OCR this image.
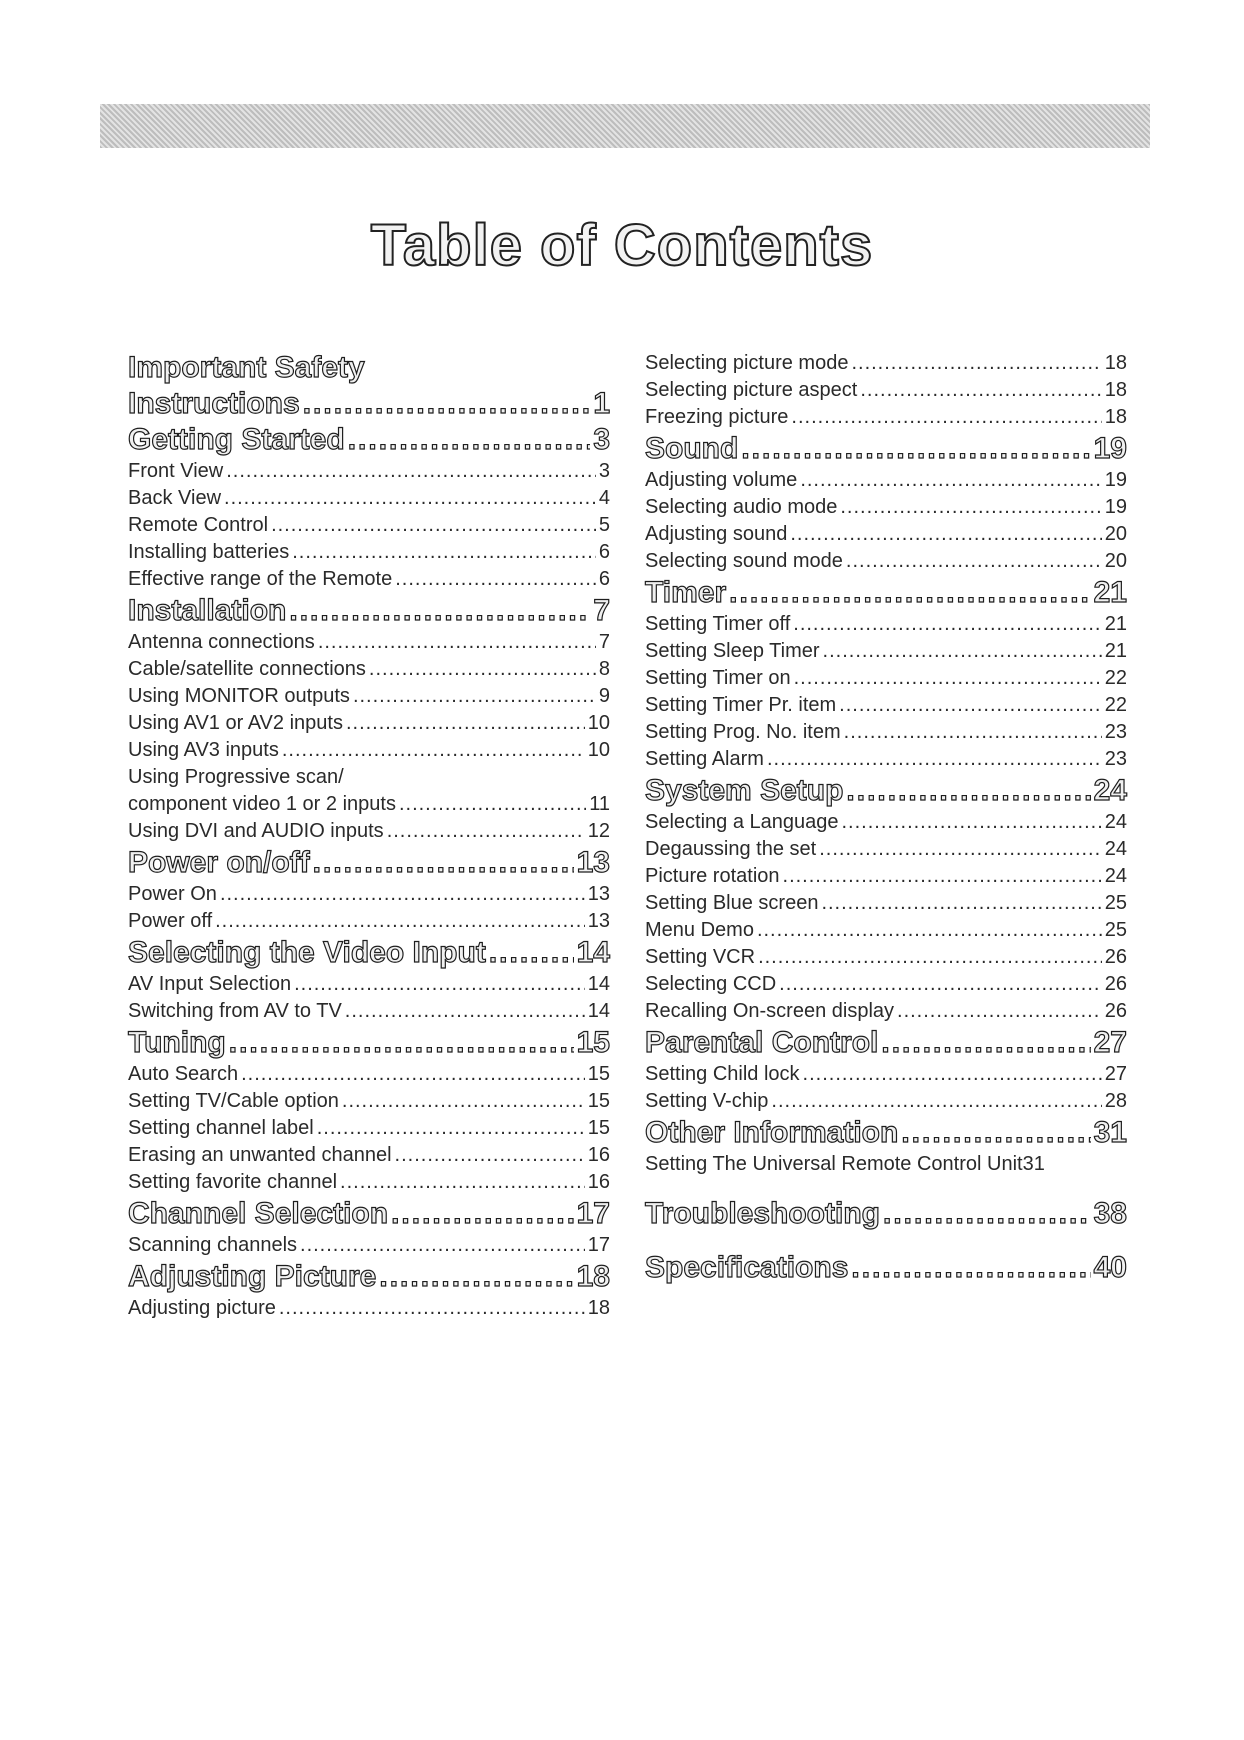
Table of Contents
Important Safety
Instructions .....	1
Getting Started .....	3
Front View .....	3
Back View .....	4
Remote Control .....	5
Installing batteries .....	6
Effective range of the Remote .....	6
Installation .....	7
Antenna connections .....	7
Cable/satellite connections .....	8
Using MONITOR outputs .....	9
Using AV1 or AV2 inputs .....	10
Using AV3 inputs .....	10
Using Progressive scan/
component video 1 or 2 inputs .....	11
Using DVI and AUDIO inputs .....	12
Power on/off .....	13
Power On .....	13
Power off .....	13
Selecting the Video Input .....	14
AV Input Selection .....	14
Switching from AV to TV .....	14
Tuning .....	15
Auto Search .....	15
Setting TV/Cable option .....	15
Setting channel label .....	15
Erasing an unwanted channel .....	16
Setting favorite channel .....	16
Channel Selection .....	17
Scanning channels .....	17
Adjusting Picture .....	18
Adjusting picture .....	18
Selecting picture mode .....	18
Selecting picture aspect .....	18
Freezing picture .....	18
Sound .....	19
Adjusting volume .....	19
Selecting audio mode .....	19
Adjusting sound .....	20
Selecting sound mode .....	20
Timer .....	21
Setting Timer off .....	21
Setting Sleep Timer .....	21
Setting Timer on .....	22
Setting Timer Pr. item .....	22
Setting Prog. No. item .....	23
Setting Alarm .....	23
System Setup .....	24
Selecting a Language .....	24
Degaussing the set .....	24
Picture rotation .....	24
Setting Blue screen .....	25
Menu Demo .....	25
Setting VCR .....	26
Selecting CCD .....	26
Recalling On-screen display .....	26
Parental Control .....	27
Setting Child lock .....	27
Setting V-chip .....	28
Other Information .....	31
Setting The Universal Remote Control Unit31
Troubleshooting .....	38
Specifications .....	40
